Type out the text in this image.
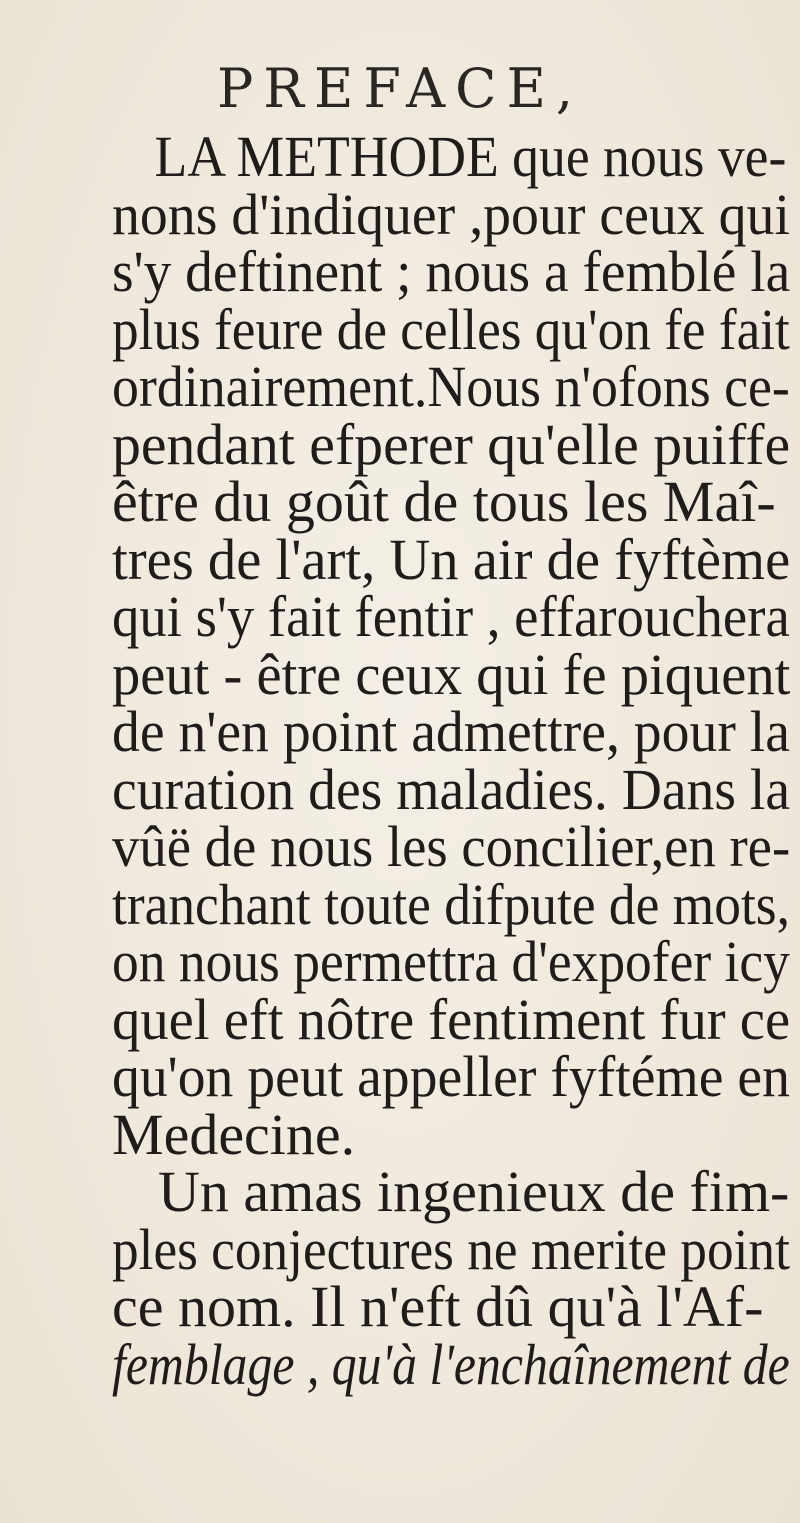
PREFACE,
LA METHODE que nous ve-
nons d'indiquer ,pour ceux qui
s'y deftinent ; nous a femblé la
plus feure de celles qu'on fe fait
ordinairement.Nous n'ofons ce-
pendant efperer qu'elle puiffe
être du goût de tous les Maî-
tres de l'art, Un air de fyftème
qui s'y fait fentir , effarouchera
peut - être ceux qui fe piquent
de n'en point admettre, pour la
curation des maladies. Dans la
vûë de nous les concilier,en re-
tranchant toute difpute de mots,
on nous permettra d'expofer icy
quel eft nôtre fentiment fur ce
qu'on peut appeller fyftéme en
Medecine.
Un amas ingenieux de fim-
ples conjectures ne merite point
ce nom. Il n'eft dû qu'à l'Af-
femblage , qu'à l'enchaînement de
